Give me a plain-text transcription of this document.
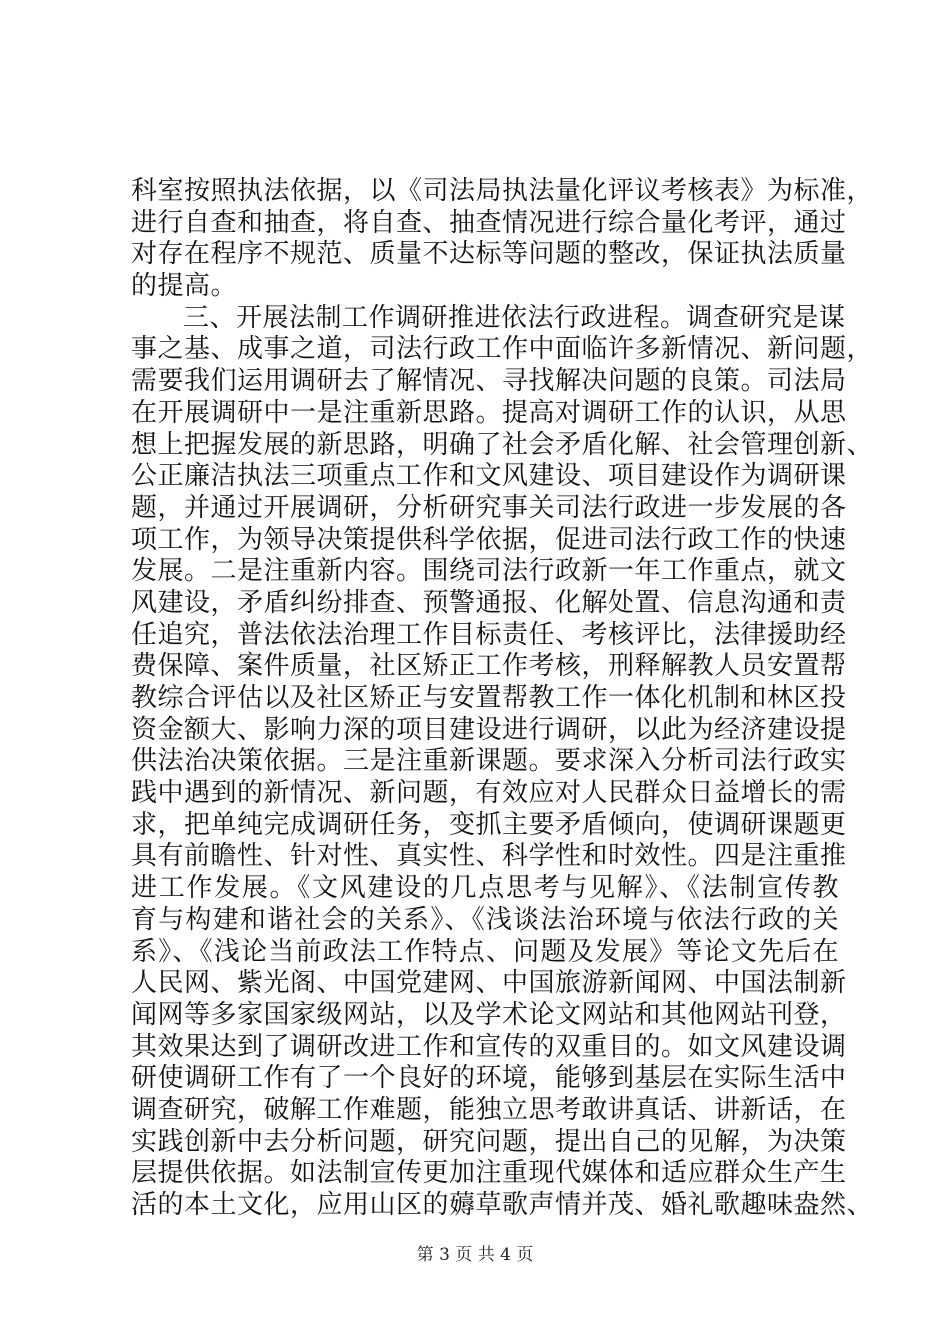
科室按照执法依据，以《司法局执法量化评议考核表》为标准，
进行自查和抽查，将自查、抽查情况进行综合量化考评，通过
对存在程序不规范、质量不达标等问题的整改，保证执法质量
的提高。
三、开展法制工作调研推进依法行政进程。调查研究是谋
事之基、成事之道，司法行政工作中面临许多新情况、新问题，
需要我们运用调研去了解情况、寻找解决问题的良策。司法局
在开展调研中一是注重新思路。提高对调研工作的认识，从思
想上把握发展的新思路，明确了社会矛盾化解、社会管理创新、
公正廉洁执法三项重点工作和文风建设、项目建设作为调研课
题，并通过开展调研，分析研究事关司法行政进一步发展的各
项工作，为领导决策提供科学依据，促进司法行政工作的快速
发展。二是注重新内容。围绕司法行政新一年工作重点，就文
风建设，矛盾纠纷排查、预警通报、化解处置、信息沟通和责
任追究，普法依法治理工作目标责任、考核评比，法律援助经
费保障、案件质量，社区矫正工作考核，刑释解教人员安置帮
教综合评估以及社区矫正与安置帮教工作一体化机制和林区投
资金额大、影响力深的项目建设进行调研，以此为经济建设提
供法治决策依据。三是注重新课题。要求深入分析司法行政实
践中遇到的新情况、新问题，有效应对人民群众日益增长的需
求，把单纯完成调研任务，变抓主要矛盾倾向，使调研课题更
具有前瞻性、针对性、真实性、科学性和时效性。四是注重推
进工作发展。《文风建设的几点思考与见解》、《法制宣传教
育与构建和谐社会的关系》、《浅谈法治环境与依法行政的关
系》、《浅论当前政法工作特点、问题及发展》等论文先后在
人民网、紫光阁、中国党建网、中国旅游新闻网、中国法制新
闻网等多家国家级网站，以及学术论文网站和其他网站刊登，
其效果达到了调研改进工作和宣传的双重目的。如文风建设调
研使调研工作有了一个良好的环境，能够到基层在实际生活中
调查研究，破解工作难题，能独立思考敢讲真话、讲新话，在
实践创新中去分析问题，研究问题，提出自己的见解，为决策
层提供依据。如法制宣传更加注重现代媒体和适应群众生产生
活的本土文化，应用山区的薅草歌声情并茂、婚礼歌趣味盎然、
第 3 页 共 4 页
